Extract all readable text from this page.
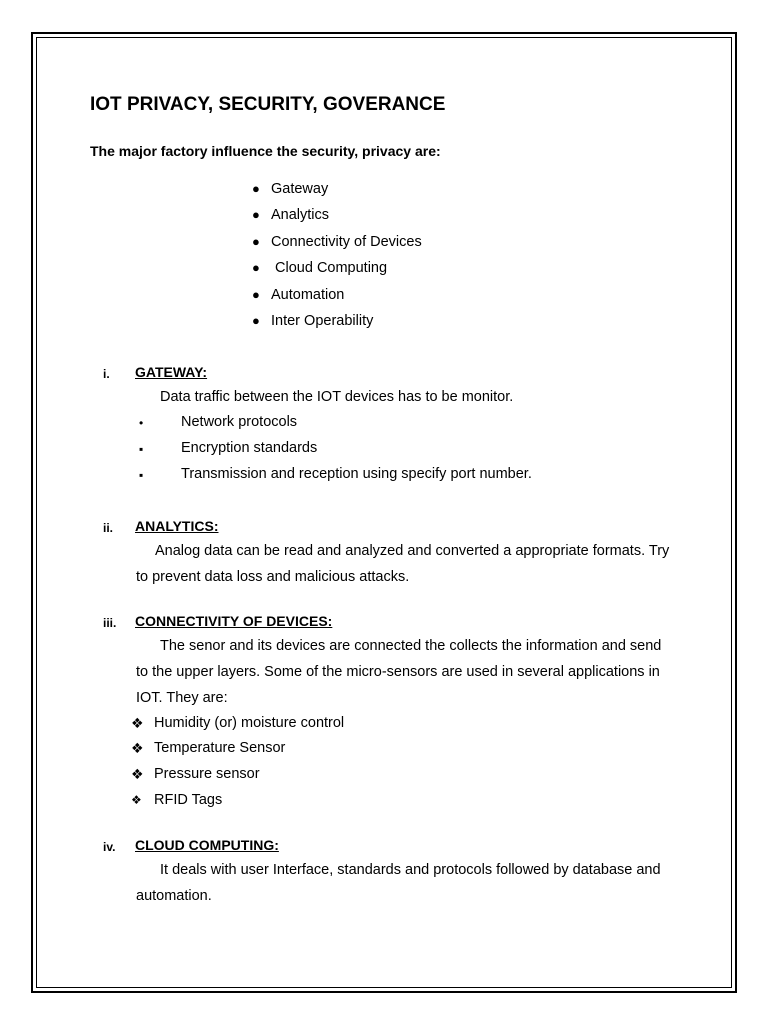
IOT PRIVACY, SECURITY, GOVERANCE
The major factory influence the security, privacy are:
● Gateway
● Analytics
● Connectivity of Devices
● Cloud Computing
● Automation
● Inter Operability
i. GATEWAY:
Data traffic between the IOT devices has to be monitor.
•	Network protocols
▪	Encryption standards
▪	Transmission and reception using specify port number.
ii. ANALYTICS:
Analog data can be read and analyzed and converted a appropriate formats. Try
to prevent data loss and malicious attacks.
iii. CONNECTIVITY OF DEVICES:
The senor and its devices are connected the collects the information and send
to the upper layers. Some of the micro-sensors are used in several applications in
IOT. They are:
❖ Humidity (or) moisture control
❖ Temperature Sensor
❖ Pressure sensor
❖ RFID Tags
iv. CLOUD COMPUTING:
It deals with user Interface, standards and protocols followed by database and
automation.
